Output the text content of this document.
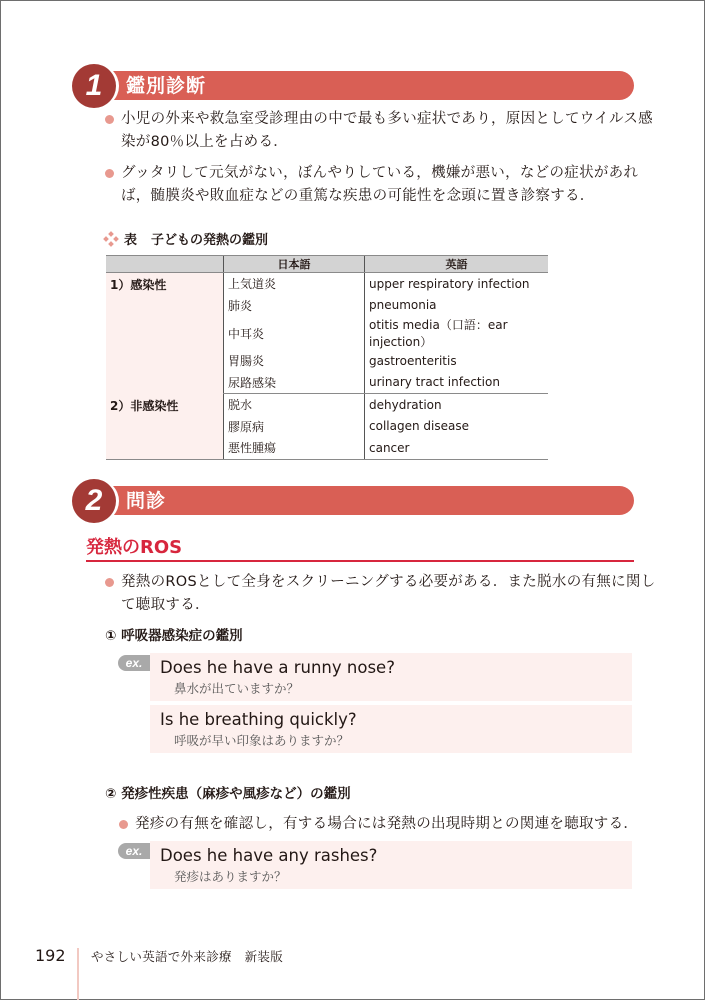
1	鑑別診断
小児の外来や救急室受診理由の中で最も多い症状であり，原因としてウイルス感染が80％以上を占める．
グッタリして元気がない，ぼんやりしている，機嫌が悪い，などの症状があれば，髄膜炎や敗血症などの重篤な疾患の可能性を念頭に置き診察する．
表 子どもの発熱の鑑別
	日本語	英語
1）感染性	上気道炎	upper respiratory infection
	肺炎	pneumonia
	中耳炎	otitis media（口語：ear injection）
	胃腸炎	gastroenteritis
	尿路感染	urinary tract infection
2）非感染性	脱水	dehydration
	膠原病	collagen disease
	悪性腫瘍	cancer
2	問診
発熱のROS
発熱のROSとして全身をスクリーニングする必要がある．また脱水の有無に関して聴取する．
① 呼吸器感染症の鑑別
ex.	Does he have a runny nose?
鼻水が出ていますか？
Is he breathing quickly?
呼吸が早い印象はありますか？
② 発疹性疾患（麻疹や風疹など）の鑑別
発疹の有無を確認し，有する場合には発熱の出現時期との関連を聴取する．
ex.	Does he have any rashes?
発疹はありますか？
192 やさしい英語で外来診療　新装版
